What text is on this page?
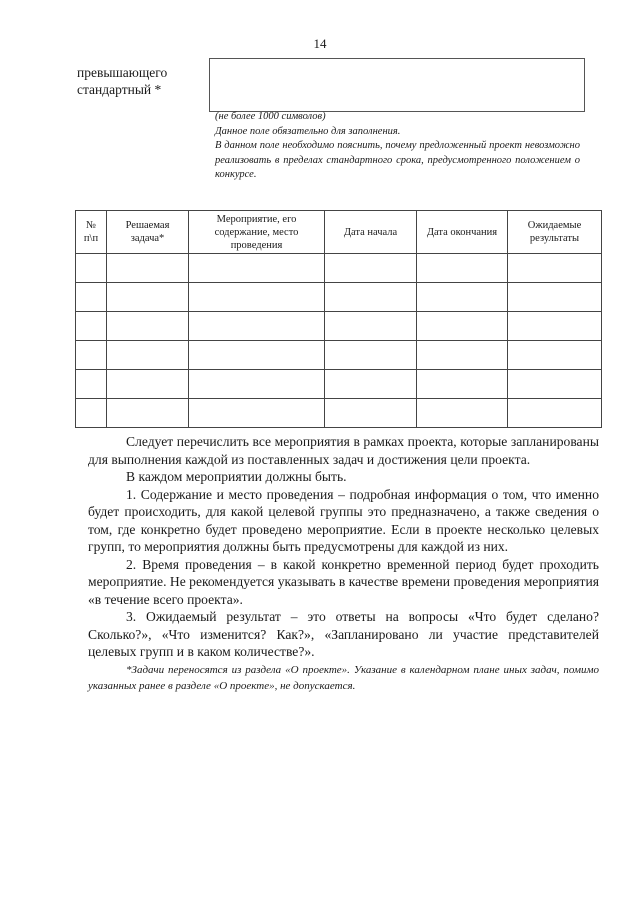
14
превышающего
стандартный *
(не более 1000 символов)
Данное поле обязательно для заполнения.
В данном поле необходимо пояснить, почему предложенный проект невозможно реализовать в пределах стандартного срока, предусмотренного положением о конкурсе.
№ п\п	Решаемая задача*	Мероприятие, его содержание, место проведения	Дата начала	Дата окончания	Ожидаемые результаты

Следует перечислить все мероприятия в рамках проекта, которые запланированы для выполнения каждой из поставленных задач и достижения цели проекта.

В каждом мероприятии должны быть.

1. Содержание и место проведения – подробная информация о том, что именно будет происходить, для какой целевой группы это предназначено, а также сведения о том, где конкретно будет проведено мероприятие. Если в проекте несколько целевых групп, то мероприятия должны быть предусмотрены для каждой из них.

2. Время проведения – в какой конкретно временной период будет проходить мероприятие. Не рекомендуется указывать в качестве времени проведения мероприятия «в течение всего проекта».

3. Ожидаемый результат – это ответы на вопросы «Что будет сделано? Сколько?», «Что изменится? Как?», «Запланировано ли участие представителей целевых групп и в каком количестве?».

*Задачи переносятся из раздела «О проекте». Указание в календарном плане иных задач, помимо указанных ранее в разделе «О проекте», не допускается.
